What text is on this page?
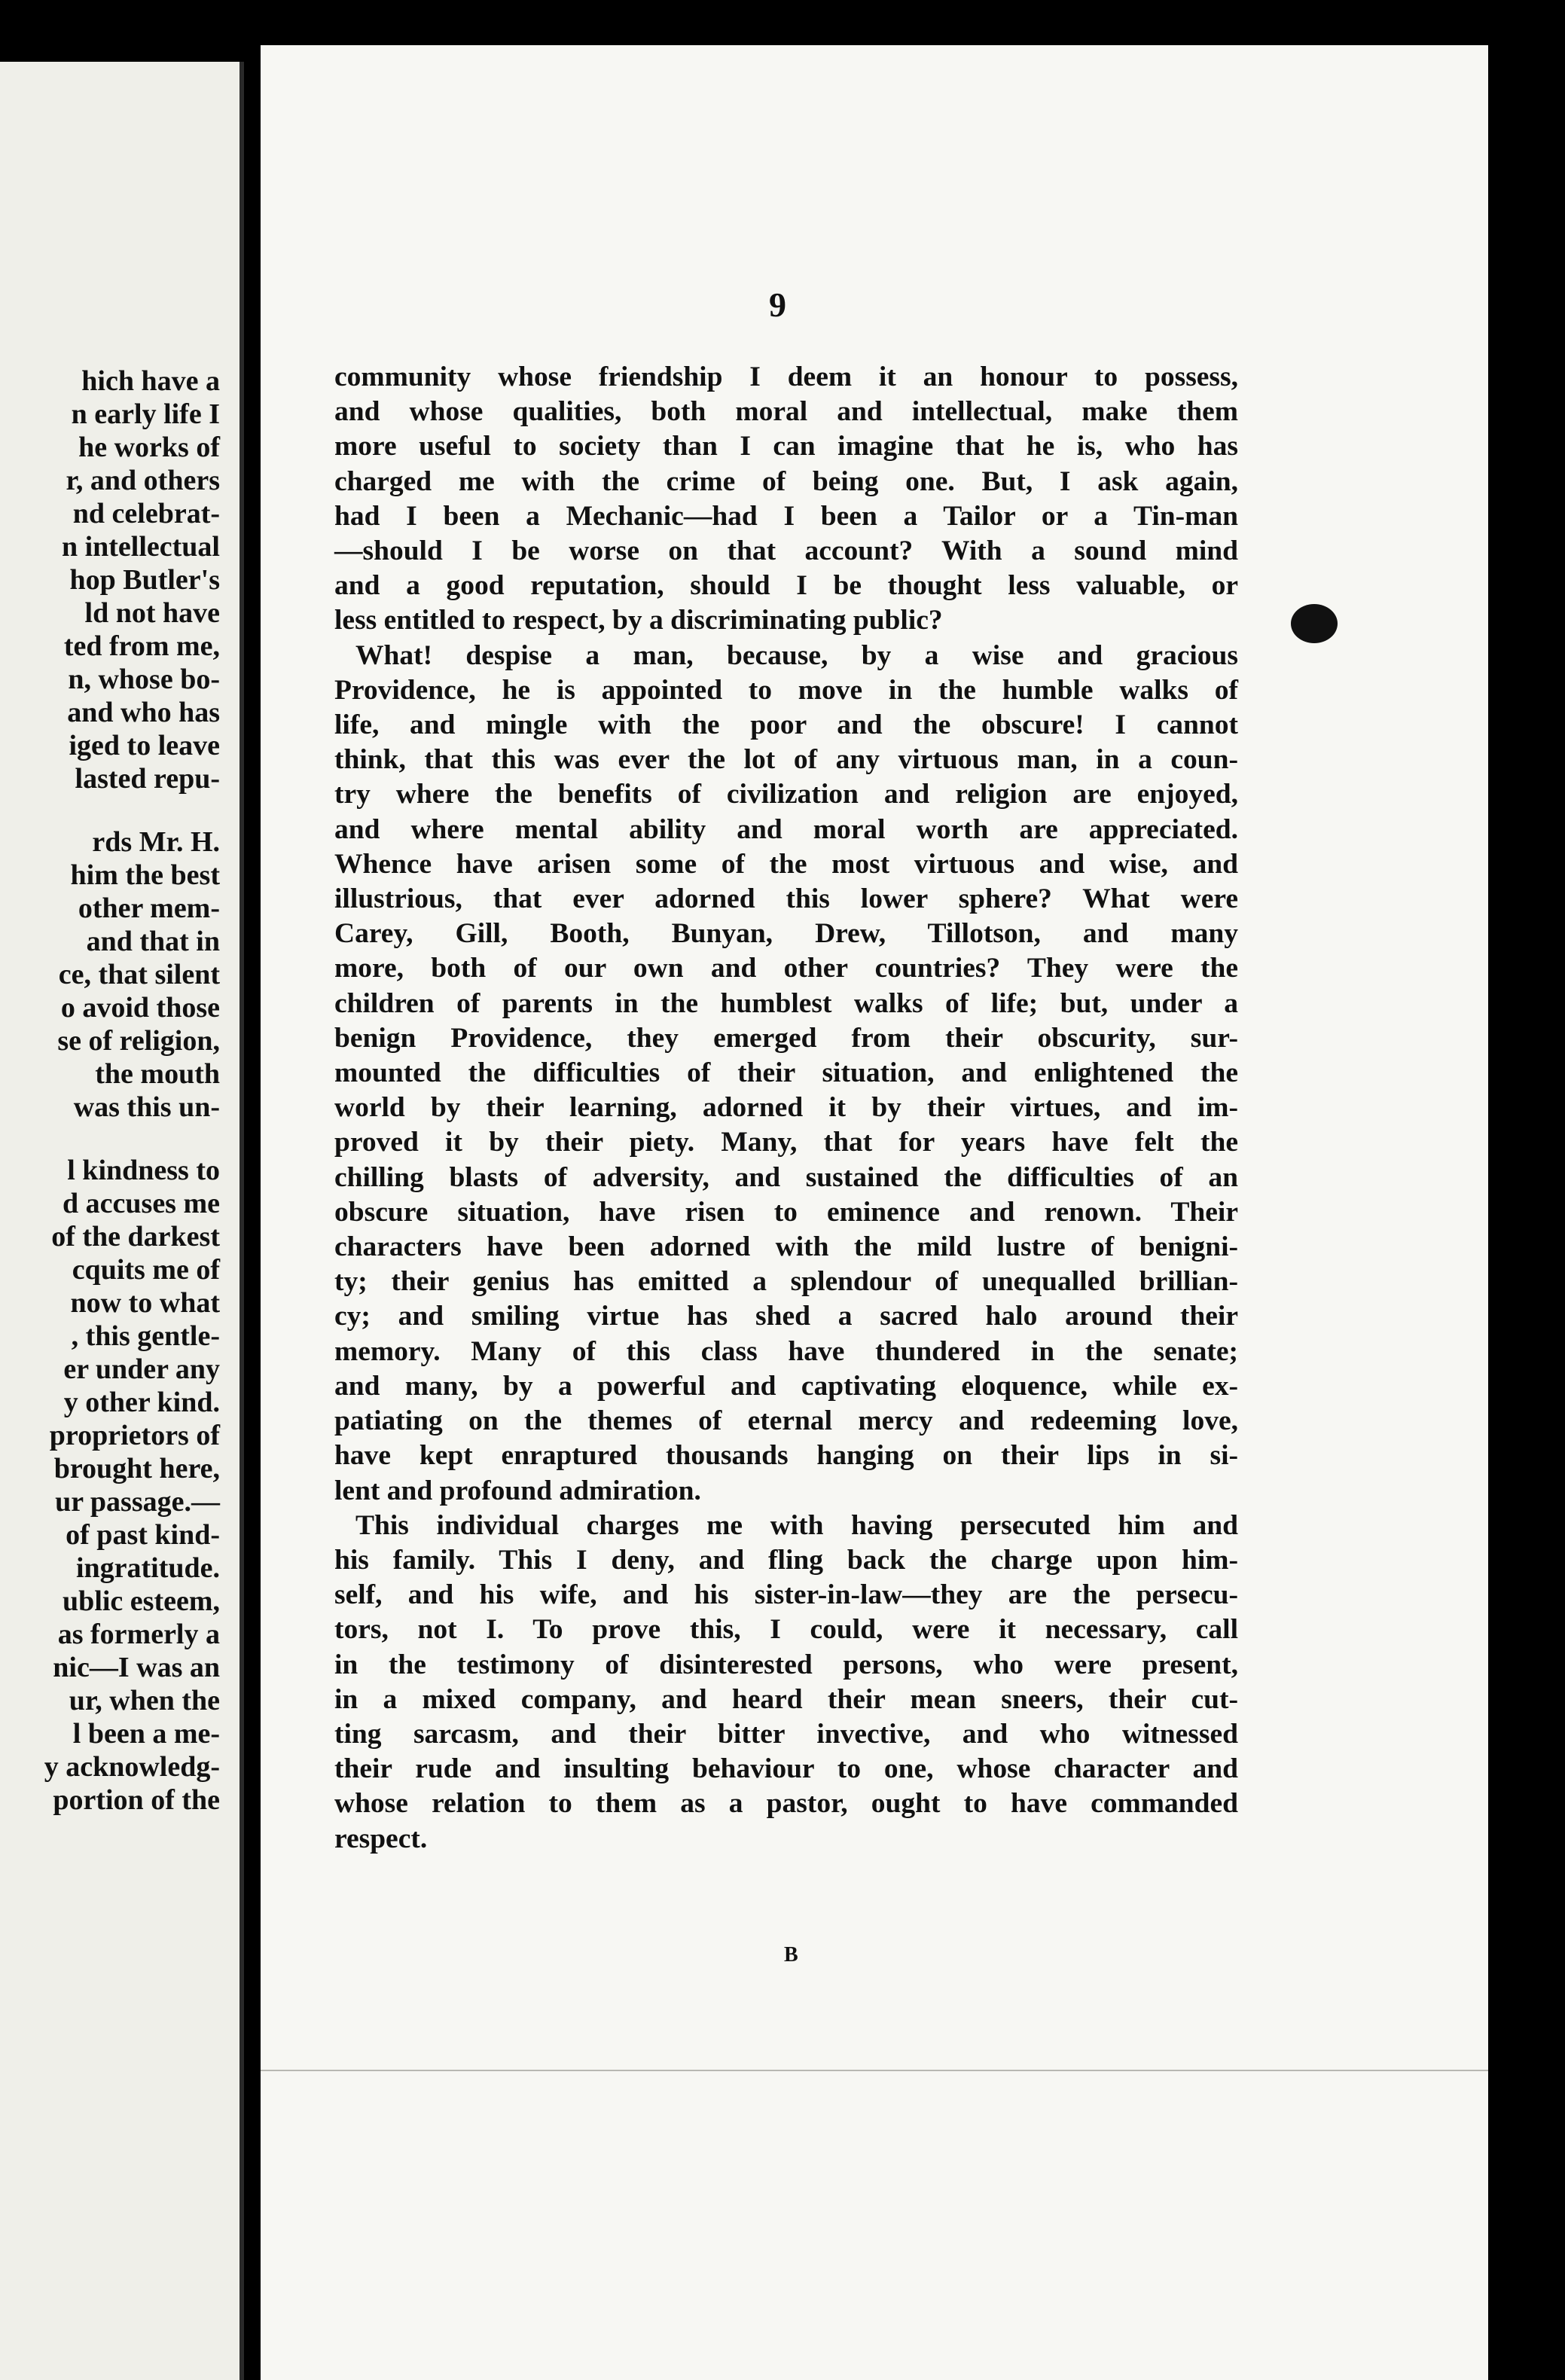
hich have a
n early life I
he works of
r, and others
nd celebrat-
n intellectual
hop Butler's
ld not have
ted from me,
n, whose bo-
and who has
iged to leave
lasted repu-
rds Mr. H.
him the best
other mem-
and that in
ce, that silent
o avoid those
se of religion,
the mouth
was this un-
l kindness to
d accuses me
of the darkest
cquits me of
now to what
, this gentle-
er under any
y other kind.
proprietors of
brought here,
ur passage.—
of past kind-
ingratitude.
ublic esteem,
as formerly a
nic—I was an
ur, when the
l been a me-
y acknowledg-
portion of the
9
community whose friendship I deem it an honour to possess,
and whose qualities, both moral and intellectual, make them
more useful to society than I can imagine that he is, who has
charged me with the crime of being one. But, I ask again,
had I been a Mechanic—had I been a Tailor or a Tin-man
—should I be worse on that account? With a sound mind
and a good reputation, should I be thought less valuable, or
less entitled to respect, by a discriminating public?
What! despise a man, because, by a wise and gracious
Providence, he is appointed to move in the humble walks of
life, and mingle with the poor and the obscure! I cannot
think, that this was ever the lot of any virtuous man, in a coun-
try where the benefits of civilization and religion are enjoyed,
and where mental ability and moral worth are appreciated.
Whence have arisen some of the most virtuous and wise, and
illustrious, that ever adorned this lower sphere? What were
Carey, Gill, Booth, Bunyan, Drew, Tillotson, and many
more, both of our own and other countries? They were the
children of parents in the humblest walks of life; but, under a
benign Providence, they emerged from their obscurity, sur-
mounted the difficulties of their situation, and enlightened the
world by their learning, adorned it by their virtues, and im-
proved it by their piety. Many, that for years have felt the
chilling blasts of adversity, and sustained the difficulties of an
obscure situation, have risen to eminence and renown. Their
characters have been adorned with the mild lustre of benigni-
ty; their genius has emitted a splendour of unequalled brillian-
cy; and smiling virtue has shed a sacred halo around their
memory. Many of this class have thundered in the senate;
and many, by a powerful and captivating eloquence, while ex-
patiating on the themes of eternal mercy and redeeming love,
have kept enraptured thousands hanging on their lips in si-
lent and profound admiration.
This individual charges me with having persecuted him and
his family. This I deny, and fling back the charge upon him-
self, and his wife, and his sister-in-law—they are the persecu-
tors, not I. To prove this, I could, were it necessary, call
in the testimony of disinterested persons, who were present,
in a mixed company, and heard their mean sneers, their cut-
ting sarcasm, and their bitter invective, and who witnessed
their rude and insulting behaviour to one, whose character and
whose relation to them as a pastor, ought to have commanded
respect.
B
